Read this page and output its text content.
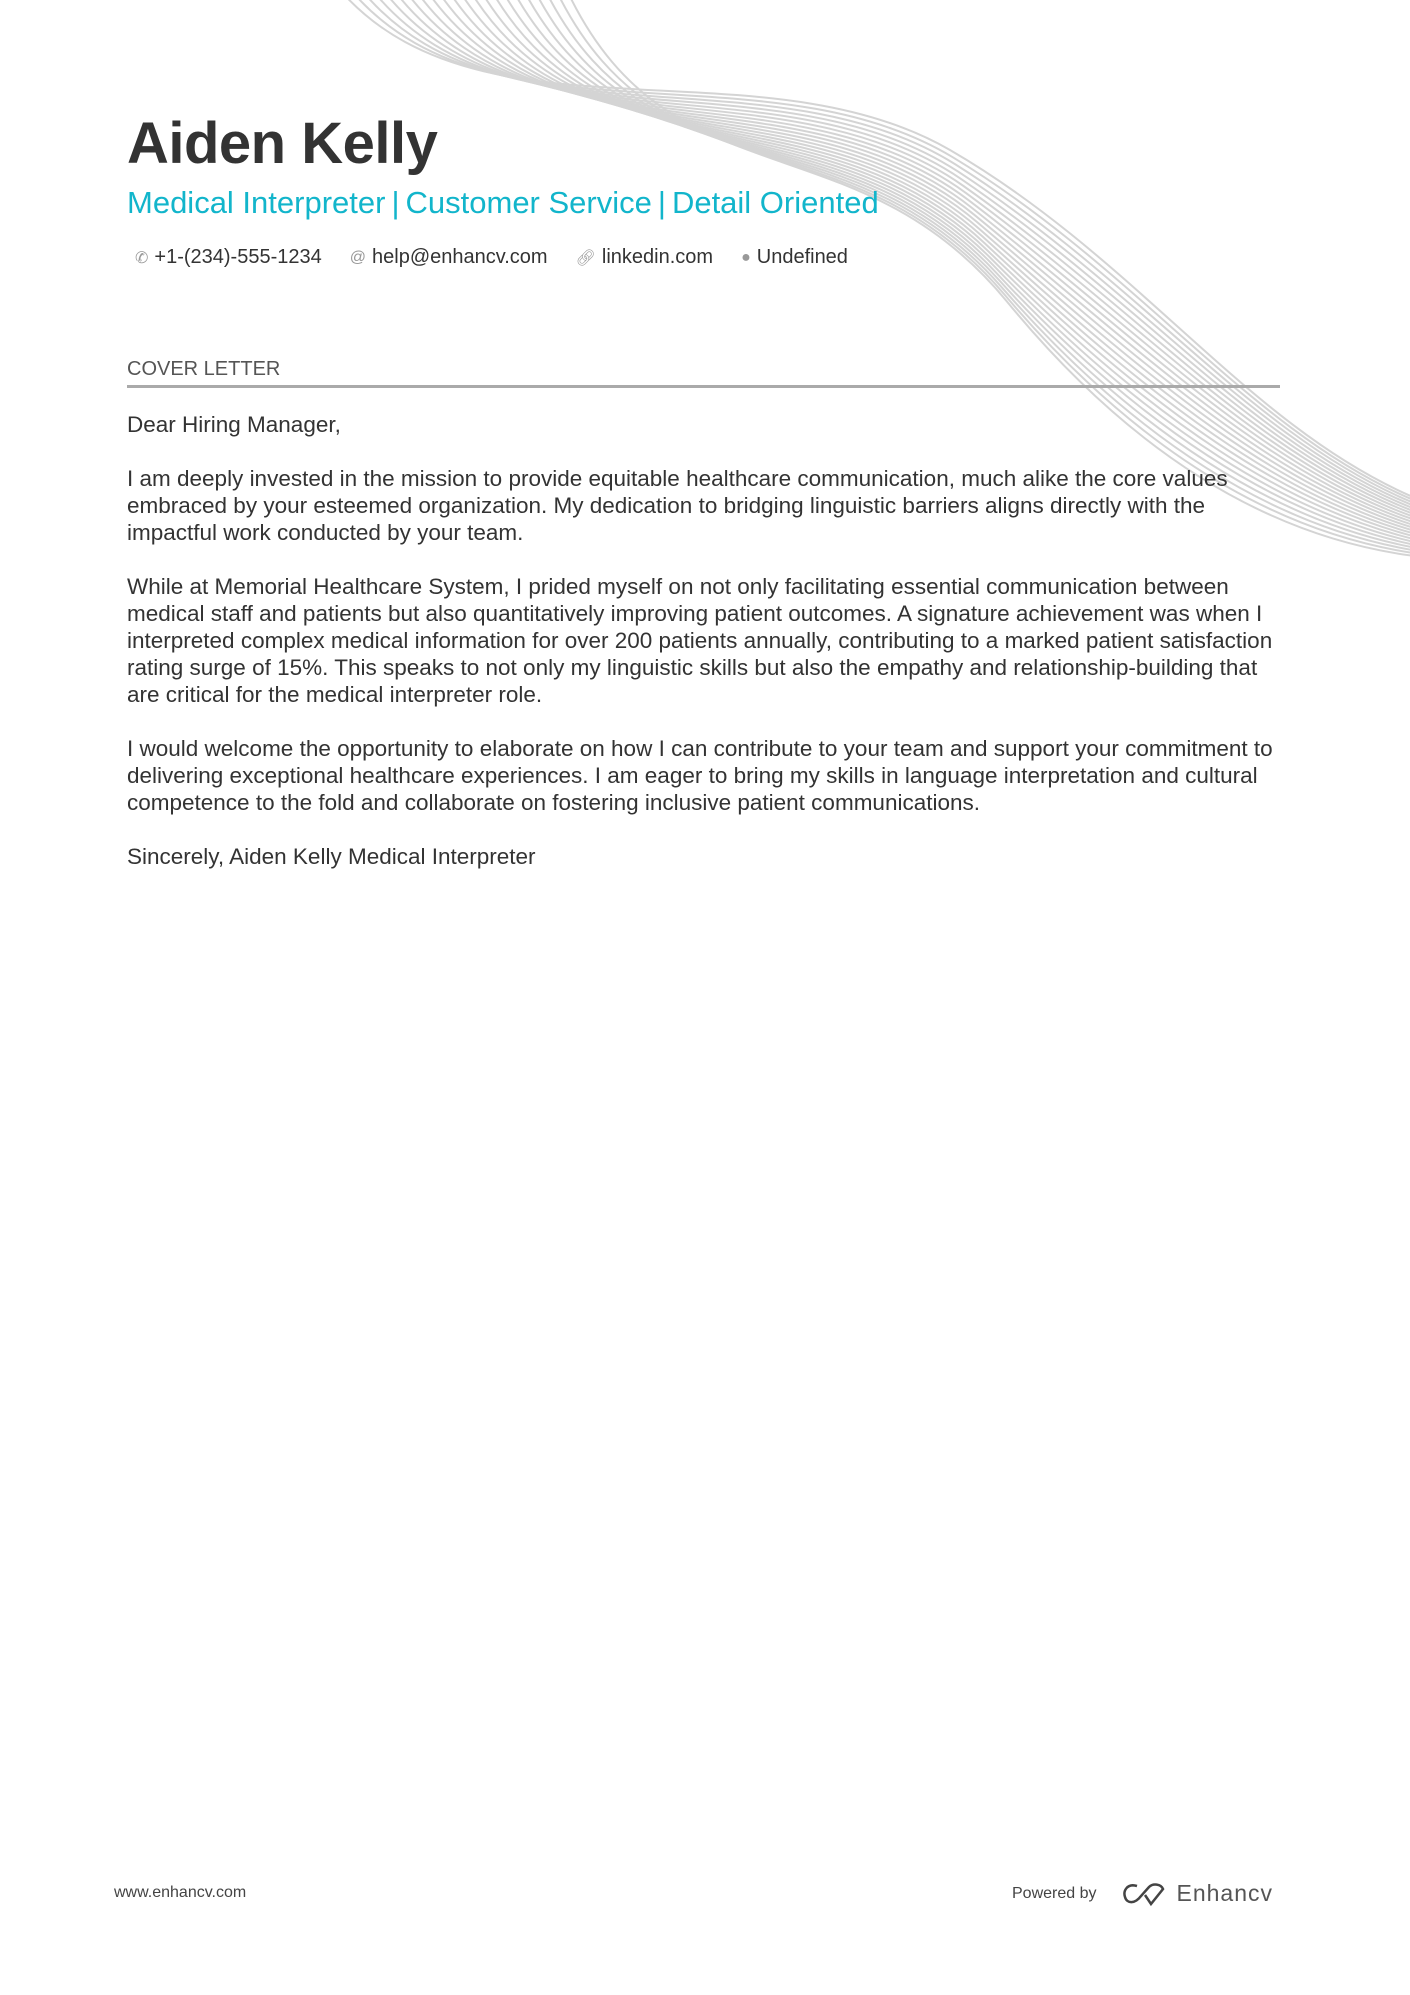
Aiden Kelly
Medical Interpreter | Customer Service | Detail Oriented
✆ +1-(234)-555-1234 @ help@enhancv.com 🔗︎ linkedin.com ● Undefined
COVER LETTER

Dear Hiring Manager,

I am deeply invested in the mission to provide equitable healthcare communication, much alike the core values embraced by your esteemed organization. My dedication to bridging linguistic barriers aligns directly with the impactful work conducted by your team.

While at Memorial Healthcare System, I prided myself on not only facilitating essential communication between medical staff and patients but also quantitatively improving patient outcomes. A signature achievement was when I interpreted complex medical information for over 200 patients annually, contributing to a marked patient satisfaction rating surge of 15%. This speaks to not only my linguistic skills but also the empathy and relationship-building that are critical for the medical interpreter role.

I would welcome the opportunity to elaborate on how I can contribute to your team and support your commitment to delivering exceptional healthcare experiences. I am eager to bring my skills in language interpretation and cultural competence to the fold and collaborate on fostering inclusive patient communications.

Sincerely, Aiden Kelly Medical Interpreter

www.enhancv.com	Powered by	Enhancv
